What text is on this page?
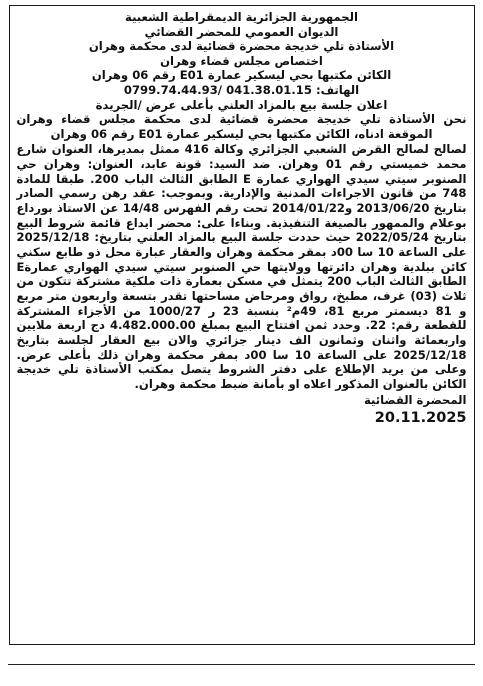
الجمهورية الجزائرية الديمقراطية الشعبية
الديوان العمومي للمحضر القضائي
الأستاذة تلي خديجة محضرة قضائية لدى محكمة وهران
اختصاص مجلس قضاء وهران
الكائن مكتبها بحي ليسكير عمارة E01 رقم 06 وهران
الهاتف: 041.38.01.15 /0799.74.44.93
اعلان جلسة بيع بالمزاد العلني بأعلى عرض /الجريدة
نحن الأستاذة تلي خديجة محضرة قضائية لدى محكمة مجلس قضاء وهران الموقعة ادناه، الكائن مكتبها بحي ليسكير عمارة E01 رقم 06 وهران
لصالح لصالح القرض الشعبي الجزائري وكالة 416 ممثل بمديرها، العنوان شارع محمد خميستي رقم 01 وهران. ضد السيد: قونة عابد، العنوان: وهران حي الصنوبر سيتي سيدي الهواري عمارة E الطابق الثالث الباب 200. طبقا للمادة 748 من قانون الاجراءات المدنية والإدارية. وبموجب: عقد رهن رسمي الصادر بتاريخ 2013/06/20 و2014/01/22 تحت رقم الفهرس 14/48 عن الاستاذ بورداع بوعلام والممهور بالصيغة التنفيذية. وبناءا على: محضر ايداع قائمة شروط البيع بتاريخ 2022/05/24 حيث حددت جلسة البيع بالمزاد العلني بتاريخ: 2025/12/18 على الساعة 10 سا 00د بمقر محكمة وهران والعقار عبارة محل ذو طابع سكني كائن ببلدية وهران دائرتها وولايتها حي الصنوبر سيتي سيدي الهواري عمارةE الطابق الثالث الباب 200 يتمثل في مسكن بعمارة ذات ملكية مشتركة تتكون من ثلاث (03) غرف، مطبخ، رواق ومرحاض مساحتها تقدر بتسعة واربعون متر مربع و 81 ديسمتر مربع 81، 49م² بنسبة 23 ر 1000/27 من الأجزاء المشتركة للقطعة رقم: 22. وحدد ثمن افتتاح البيع بمبلغ 4.482.000.00 دج اربعة ملايين واربعمائة واثنان وثمانون الف دينار جزائري والان بيع العقار لجلسة بتاريخ 2025/12/18 على الساعة 10 سا 00د بمقر محكمة وهران ذلك بأعلى عرض. وعلى من يريد الإطلاع على دفتر الشروط يتصل بمكتب الأستاذة تلي خديجة الكائن بالعنوان المذكور اعلاه او بأمانة ضبط محكمة وهران.
المحضرة القضائية
20.11.2025
